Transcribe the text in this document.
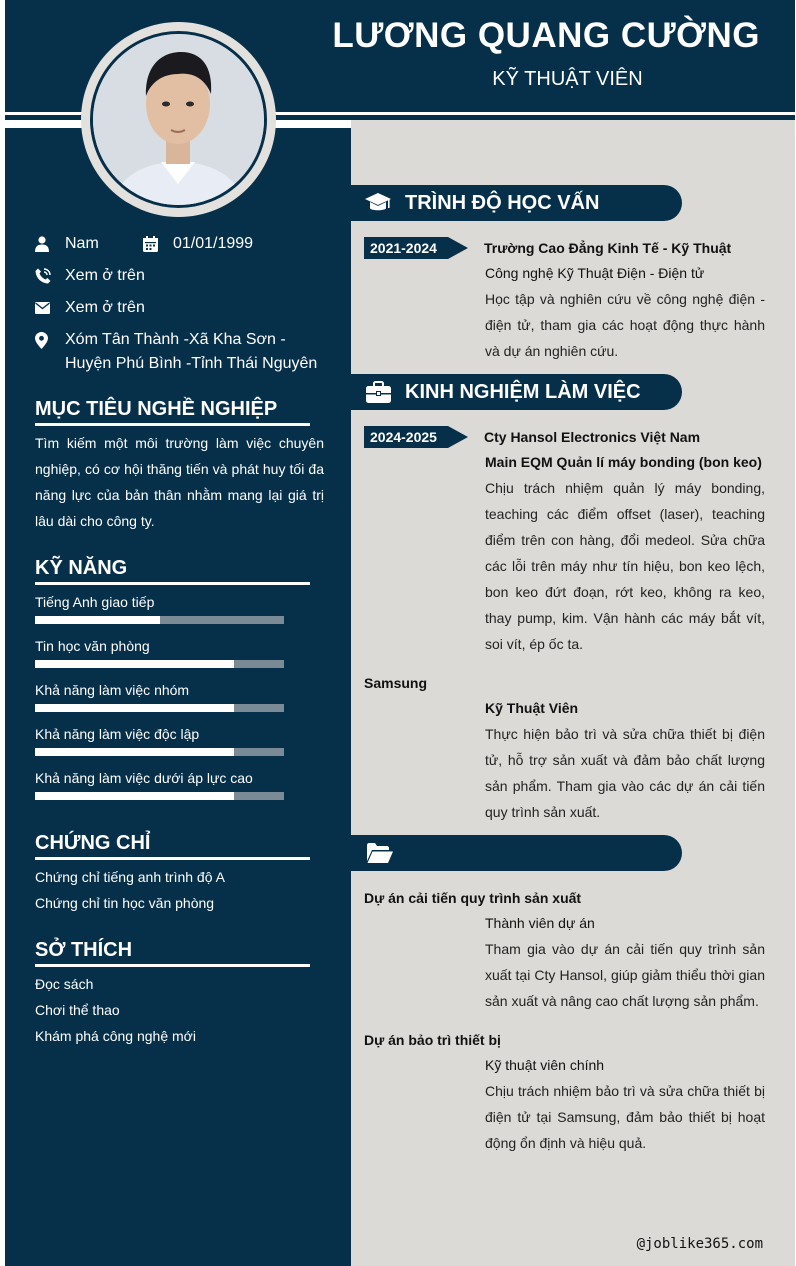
LƯƠNG QUANG CƯỜNG
KỸ THUẬT VIÊN
Nam	01/01/1999
Xem ở trên
Xem ở trên
Xóm Tân Thành -Xã Kha Sơn -Huyện Phú Bình -Tỉnh Thái Nguyên
MỤC TIÊU NGHỀ NGHIỆP
Tìm kiếm một môi trường làm việc chuyên nghiệp, có cơ hội thăng tiến và phát huy tối đa năng lực của bản thân nhằm mang lại giá trị lâu dài cho công ty.
KỸ NĂNG
Tiếng Anh giao tiếp
Tin học văn phòng
Khả năng làm việc nhóm
Khả năng làm việc độc lập
Khả năng làm việc dưới áp lực cao
CHỨNG CHỈ
Chứng chỉ tiếng anh trình độ A
Chứng chỉ tin học văn phòng
SỞ THÍCH
Đọc sách
Chơi thể thao
Khám phá công nghệ mới
TRÌNH ĐỘ HỌC VẤN
2021-2024	Trường Cao Đẳng Kinh Tế - Kỹ Thuật
Công nghệ Kỹ Thuật Điện - Điện tử
Học tập và nghiên cứu về công nghệ điện - điện tử, tham gia các hoạt động thực hành và dự án nghiên cứu.
KINH NGHIỆM LÀM VIỆC
2024-2025	Cty Hansol Electronics Việt Nam
Main EQM Quản lí máy bonding (bon keo)
Chịu trách nhiệm quản lý máy bonding, teaching các điểm offset (laser), teaching điểm trên con hàng, đổi medeol. Sửa chữa các lỗi trên máy như tín hiệu, bon keo lệch, bon keo đứt đoạn, rớt keo, không ra keo, thay pump, kim. Vận hành các máy bắt vít, soi vít, ép ốc ta.
Samsung
Kỹ Thuật Viên
Thực hiện bảo trì và sửa chữa thiết bị điện tử, hỗ trợ sản xuất và đảm bảo chất lượng sản phẩm. Tham gia vào các dự án cải tiến quy trình sản xuất.
Dự án cải tiến quy trình sản xuất
Thành viên dự án
Tham gia vào dự án cải tiến quy trình sản xuất tại Cty Hansol, giúp giảm thiểu thời gian sản xuất và nâng cao chất lượng sản phẩm.
Dự án bảo trì thiết bị
Kỹ thuật viên chính
Chịu trách nhiệm bảo trì và sửa chữa thiết bị điện tử tại Samsung, đảm bảo thiết bị hoạt động ổn định và hiệu quả.
@joblike365.com
